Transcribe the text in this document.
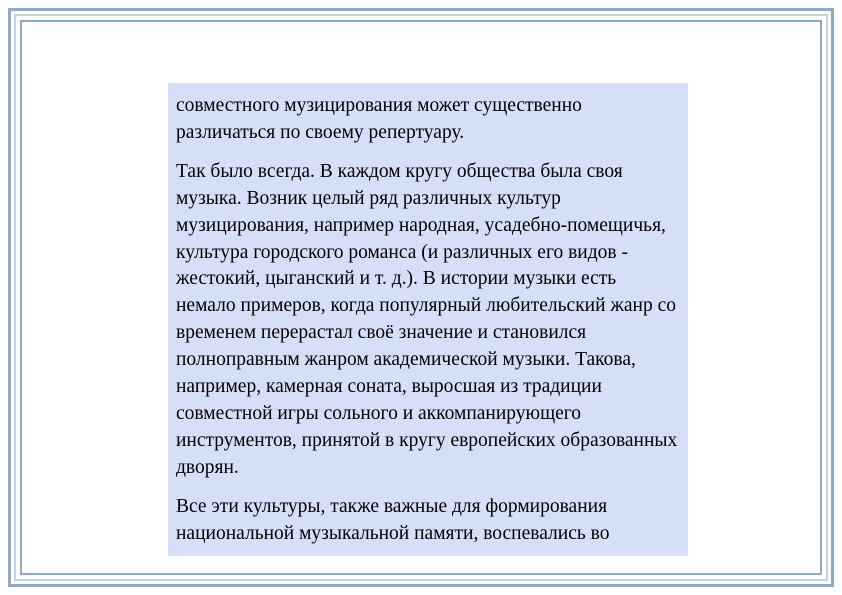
совместного музицирования может существенно различаться по своему репертуару.

Так было всегда. В каждом кругу общества была своя музыка. Возник целый ряд различных культур музицирования, например народная, усадебно-помещичья, культура городского романса (и различных его видов - жестокий, цыганский и т. д.). В истории музыки есть немало примеров, когда популярный любительский жанр со временем перерастал своё значение и становился полноправным жанром академической музыки. Такова, например, камерная соната, выросшая из традиции совместной игры сольного и аккомпанирующего инструментов, принятой в кругу европейских образованных дворян.

Все эти культуры, также важные для формирования национальной музыкальной памяти, воспевались во
